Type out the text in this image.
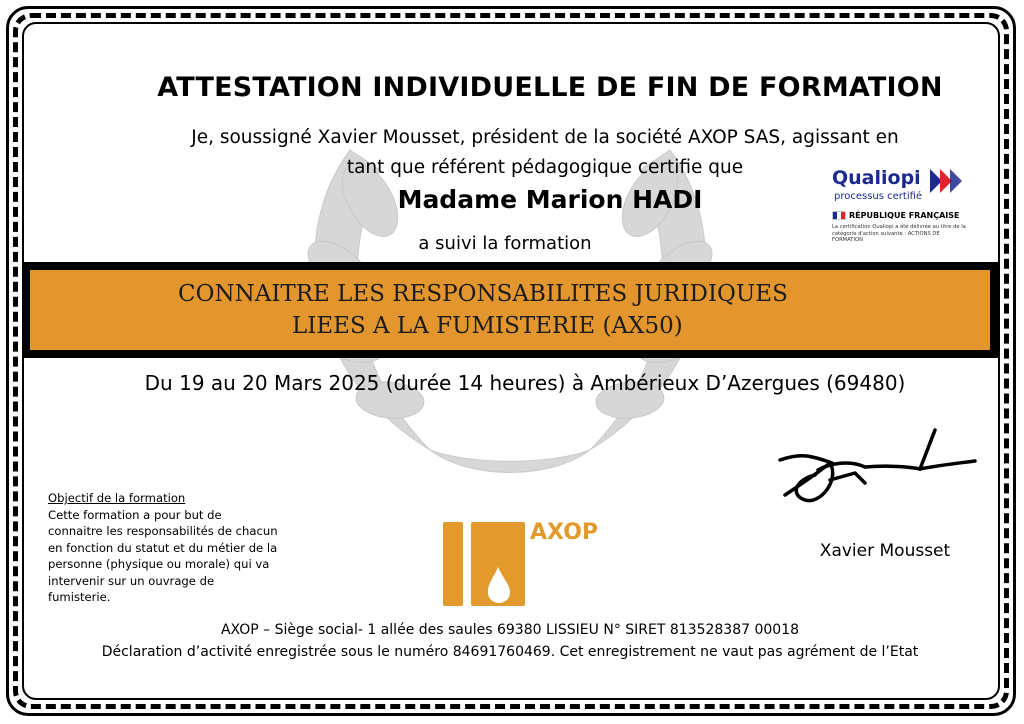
ATTESTATION INDIVIDUELLE DE FIN DE FORMATION
Je, soussigné Xavier Mousset, président de la société AXOP SAS, agissant en
tant que référent pédagogique certifie que
Madame Marion HADI
a suivi la formation
CONNAITRE LES RESPONSABILITES JURIDIQUES
LIEES A LA FUMISTERIE (AX50)
Du 19 au 20 Mars 2025 (durée 14 heures) à Ambérieux D’Azergues (69480)
Qualiopi
processus certifié
RÉPUBLIQUE FRANÇAISE
La certification Qualiopi a été délivrée au titre de la catégorie d'action suivante : ACTIONS DE FORMATION
Objectif de la formation
Cette formation a pour but de connaitre les responsabilités de chacun en fonction du statut et du métier de la personne (physique ou morale) qui va intervenir sur un ouvrage de fumisterie.
AXOP
Xavier Mousset
AXOP – Siège social- 1 allée des saules 69380 LISSIEU N° SIRET 813528387 00018
Déclaration d’activité enregistrée sous le numéro 84691760469. Cet enregistrement ne vaut pas agrément de l’Etat
